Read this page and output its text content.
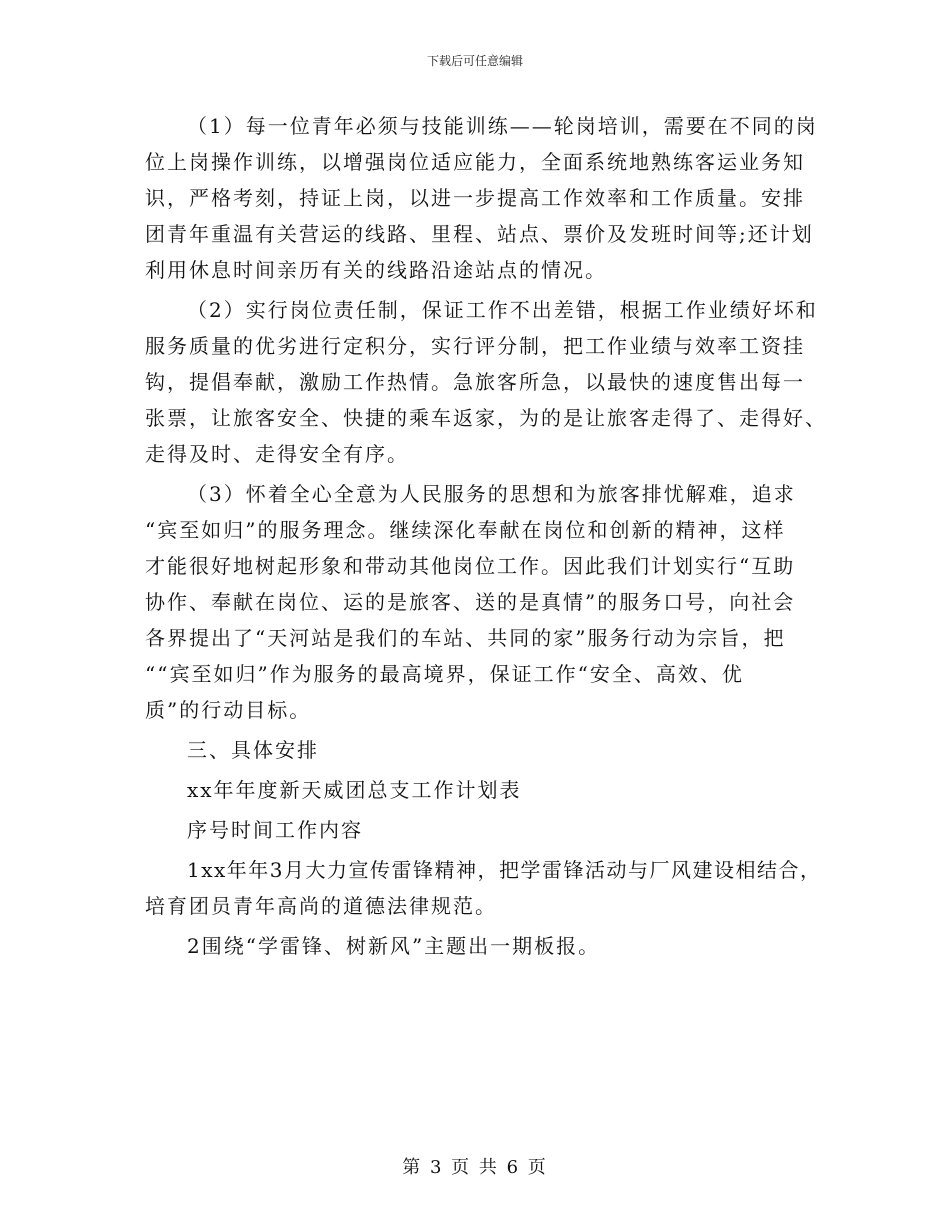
下载后可任意编辑
（1）每一位青年必须与技能训练——轮岗培训，需要在不同的岗
位上岗操作训练，以增强岗位适应能力，全面系统地熟练客运业务知
识，严格考刻，持证上岗，以进一步提高工作效率和工作质量。安排
团青年重温有关营运的线路、里程、站点、票价及发班时间等;还计划
利用休息时间亲历有关的线路沿途站点的情况。
（2）实行岗位责任制，保证工作不出差错，根据工作业绩好坏和
服务质量的优劣进行定积分，实行评分制，把工作业绩与效率工资挂
钩，提倡奉献，激励工作热情。急旅客所急，以最快的速度售出每一
张票，让旅客安全、快捷的乘车返家，为的是让旅客走得了、走得好、
走得及时、走得安全有序。
（3）怀着全心全意为人民服务的思想和为旅客排忧解难，追求
“宾至如归”的服务理念。继续深化奉献在岗位和创新的精神，这样
才能很好地树起形象和带动其他岗位工作。因此我们计划实行“互助
协作、奉献在岗位、运的是旅客、送的是真情”的服务口号，向社会
各界提出了“天河站是我们的车站、共同的家”服务行动为宗旨，把
““宾至如归”作为服务的最高境界，保证工作“安全、高效、优
质”的行动目标。
三、具体安排
xx年年度新天威团总支工作计划表
序号时间工作内容
1xx年年3月大力宣传雷锋精神，把学雷锋活动与厂风建设相结合，
培育团员青年高尚的道德法律规范。
2围绕“学雷锋、树新风”主题出一期板报。
第 3 页 共 6 页
